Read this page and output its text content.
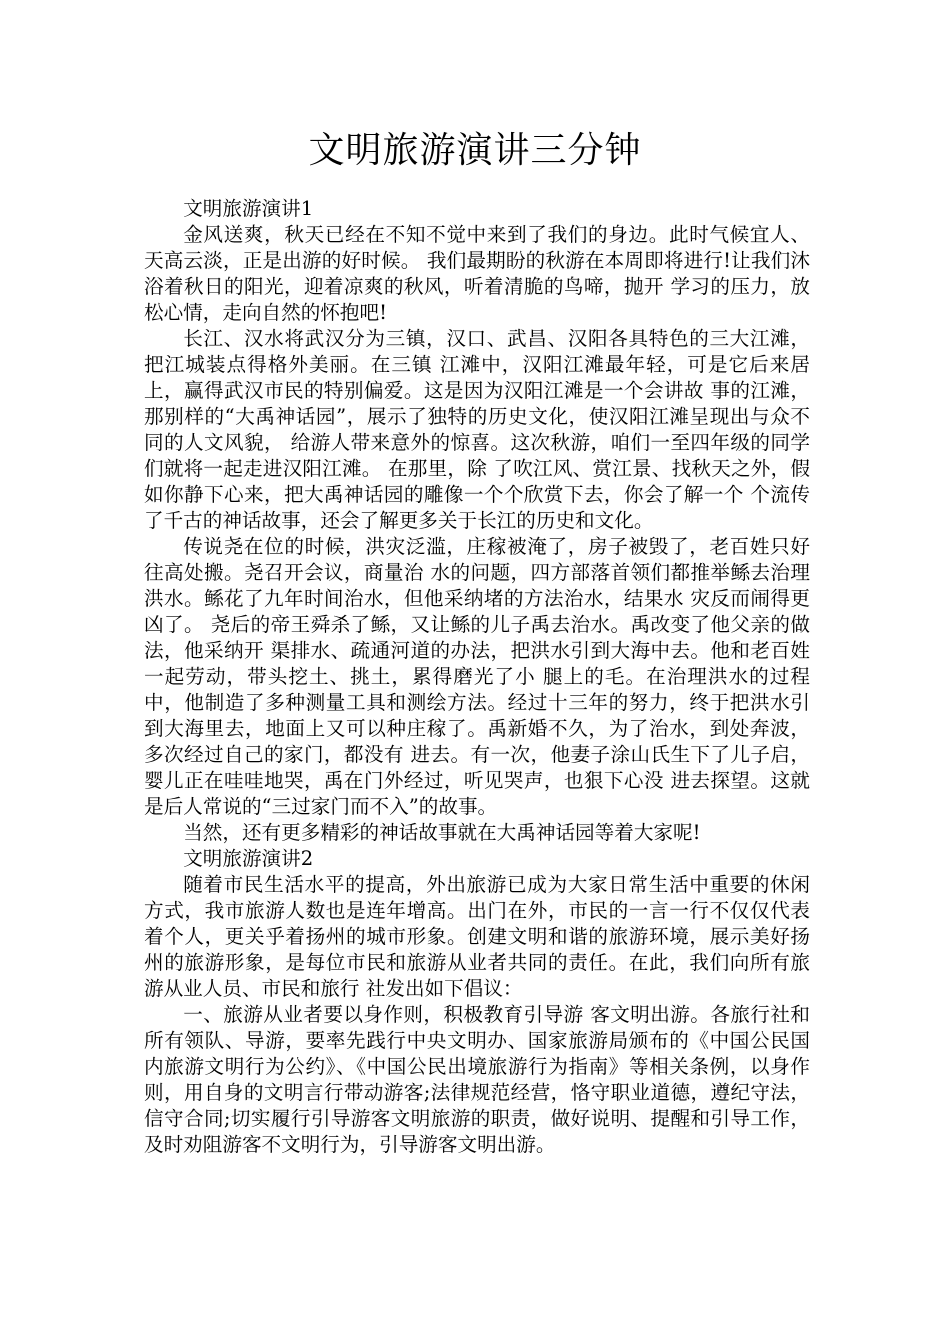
文明旅游演讲三分钟

文明旅游演讲1

金风送爽，秋天已经在不知不觉中来到了我们的身边。此时气候宜人、天高云淡，正是出游的好时候。 我们最期盼的秋游在本周即将进行!让我们沐浴着秋日的阳光，迎着凉爽的秋风，听着清脆的鸟啼，抛开 学习的压力，放松心情，走向自然的怀抱吧!

长江、汉水将武汉分为三镇，汉口、武昌、汉阳各具特色的三大江滩，把江城装点得格外美丽。在三镇 江滩中，汉阳江滩最年轻，可是它后来居上，赢得武汉市民的特别偏爱。这是因为汉阳江滩是一个会讲故 事的江滩，那别样的“大禹神话园”，展示了独特的历史文化，使汉阳江滩呈现出与众不同的人文风貌， 给游人带来意外的惊喜。这次秋游，咱们一至四年级的同学们就将一起走进汉阳江滩。 在那里，除 了吹江风、赏江景、找秋天之外，假如你静下心来，把大禹神话园的雕像一个个欣赏下去，你会了解一个 个流传了千古的神话故事，还会了解更多关于长江的历史和文化。

传说尧在位的时候，洪灾泛滥，庄稼被淹了，房子被毁了，老百姓只好往高处搬。尧召开会议，商量治 水的问题，四方部落首领们都推举鲧去治理洪水。鲧花了九年时间治水，但他采纳堵的方法治水，结果水 灾反而闹得更凶了。 尧后的帝王舜杀了鲧，又让鲧的儿子禹去治水。禹改变了他父亲的做法，他采纳开 渠排水、疏通河道的办法，把洪水引到大海中去。他和老百姓一起劳动，带头挖土、挑土，累得磨光了小 腿上的毛。在治理洪水的过程中，他制造了多种测量工具和测绘方法。经过十三年的努力，终于把洪水引 到大海里去，地面上又可以种庄稼了。禹新婚不久，为了治水，到处奔波，多次经过自己的家门，都没有 进去。有一次，他妻子涂山氏生下了儿子启，婴儿正在哇哇地哭，禹在门外经过，听见哭声，也狠下心没 进去探望。这就是后人常说的“三过家门而不入”的故事。

当然，还有更多精彩的神话故事就在大禹神话园等着大家呢!

文明旅游演讲2

随着市民生活水平的提高，外出旅游已成为大家日常生活中重要的休闲方式，我市旅游人数也是连年增高。出门在外，市民的一言一行不仅仅代表着个人，更关乎着扬州的城市形象。创建文明和谐的旅游环境，展示美好扬州的旅游形象，是每位市民和旅游从业者共同的责任。在此，我们向所有旅游从业人员、市民和旅行 社发出如下倡议：

一、旅游从业者要以身作则，积极教育引导游 客文明出游。各旅行社和所有领队、导游，要率先践行中央文明办、国家旅游局颁布的《中国公民国内旅游文明行为公约》、《中国公民出境旅游行为指南》等相关条例，以身作则，用自身的文明言行带动游客;法律规范经营，恪守职业道德，遵纪守法，信守合同;切实履行引导游客文明旅游的职责，做好说明、提醒和引导工作，及时劝阻游客不文明行为，引导游客文明出游。
